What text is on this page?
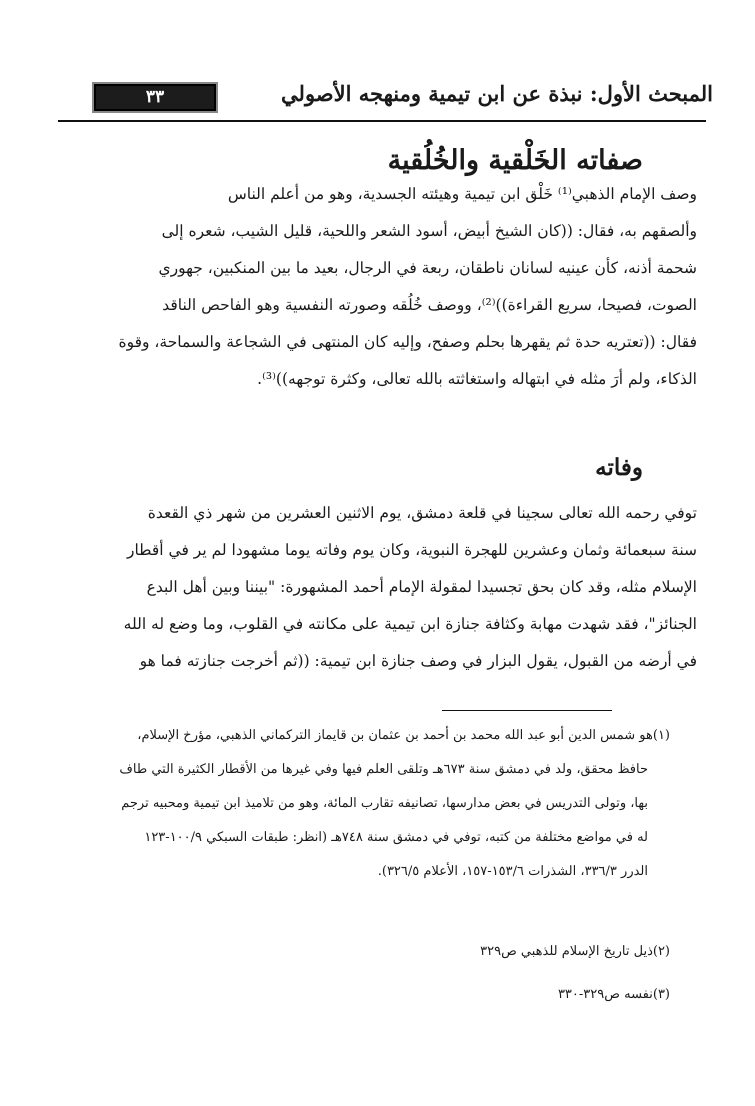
المبحث الأول: نبذة عن ابن تيمية ومنهجه الأصولي
٣٣
صفاته الخَلْقية والخُلُقية
وصف الإمام الذهبي⁽¹⁾ خَلْق ابن تيمية وهيئته الجسدية، وهو من أعلم الناس
وألصقهم به، فقال: ((كان الشيخ أبيض، أسود الشعر واللحية، قليل الشيب، شعره إلى
شحمة أذنه، كأن عينيه لسانان ناطقان، ربعة في الرجال، بعيد ما بين المنكبين، جهوري
الصوت، فصيحا، سريع القراءة))⁽²⁾، ووصف خُلُقه وصورته النفسية وهو الفاحص الناقد
فقال: ((تعتريه حدة ثم يقهرها بحلم وصفح، وإليه كان المنتهى في الشجاعة والسماحة، وقوة
الذكاء، ولم أرَ مثله في ابتهاله واستغاثته بالله تعالى، وكثرة توجهه))⁽³⁾.
وفاته
توفي رحمه الله تعالى سجينا في قلعة دمشق، يوم الاثنين العشرين من شهر ذي القعدة
سنة سبعمائة وثمان وعشرين للهجرة النبوية، وكان يوم وفاته يوما مشهودا لم ير في أقطار
الإسلام مثله، وقد كان بحق تجسيدا لمقولة الإمام أحمد المشهورة: "بيننا وبين أهل البدع
الجنائز"، فقد شهدت مهابة وكثافة جنازة ابن تيمية على مكانته في القلوب، وما وضع له الله
في أرضه من القبول، يقول البزار في وصف جنازة ابن تيمية: ((ثم أخرجت جنازته فما هو
(١)هو شمس الدين أبو عبد الله محمد بن أحمد بن عثمان بن قايماز التركماني الذهبي، مؤرخ الإسلام،
حافظ محقق، ولد في دمشق سنة ٦٧٣هـ وتلقى العلم فيها وفي غيرها من الأقطار الكثيرة التي طاف
بها، وتولى التدريس في بعض مدارسها، تصانيفه تقارب المائة، وهو من تلاميذ ابن تيمية ومحبيه ترجم
له في مواضع مختلفة من كتبه، توفي في دمشق سنة ٧٤٨هـ (انظر: طبقات السبكي ١٠٠/٩-١٢٣
الدرر ٣٣٦/٣، الشذرات ١٥٣/٦-١٥٧، الأعلام ٣٢٦/٥).
(٢)ذيل تاريخ الإسلام للذهبي ص٣٢٩
(٣)نفسه ص٣٢٩-٣٣٠
